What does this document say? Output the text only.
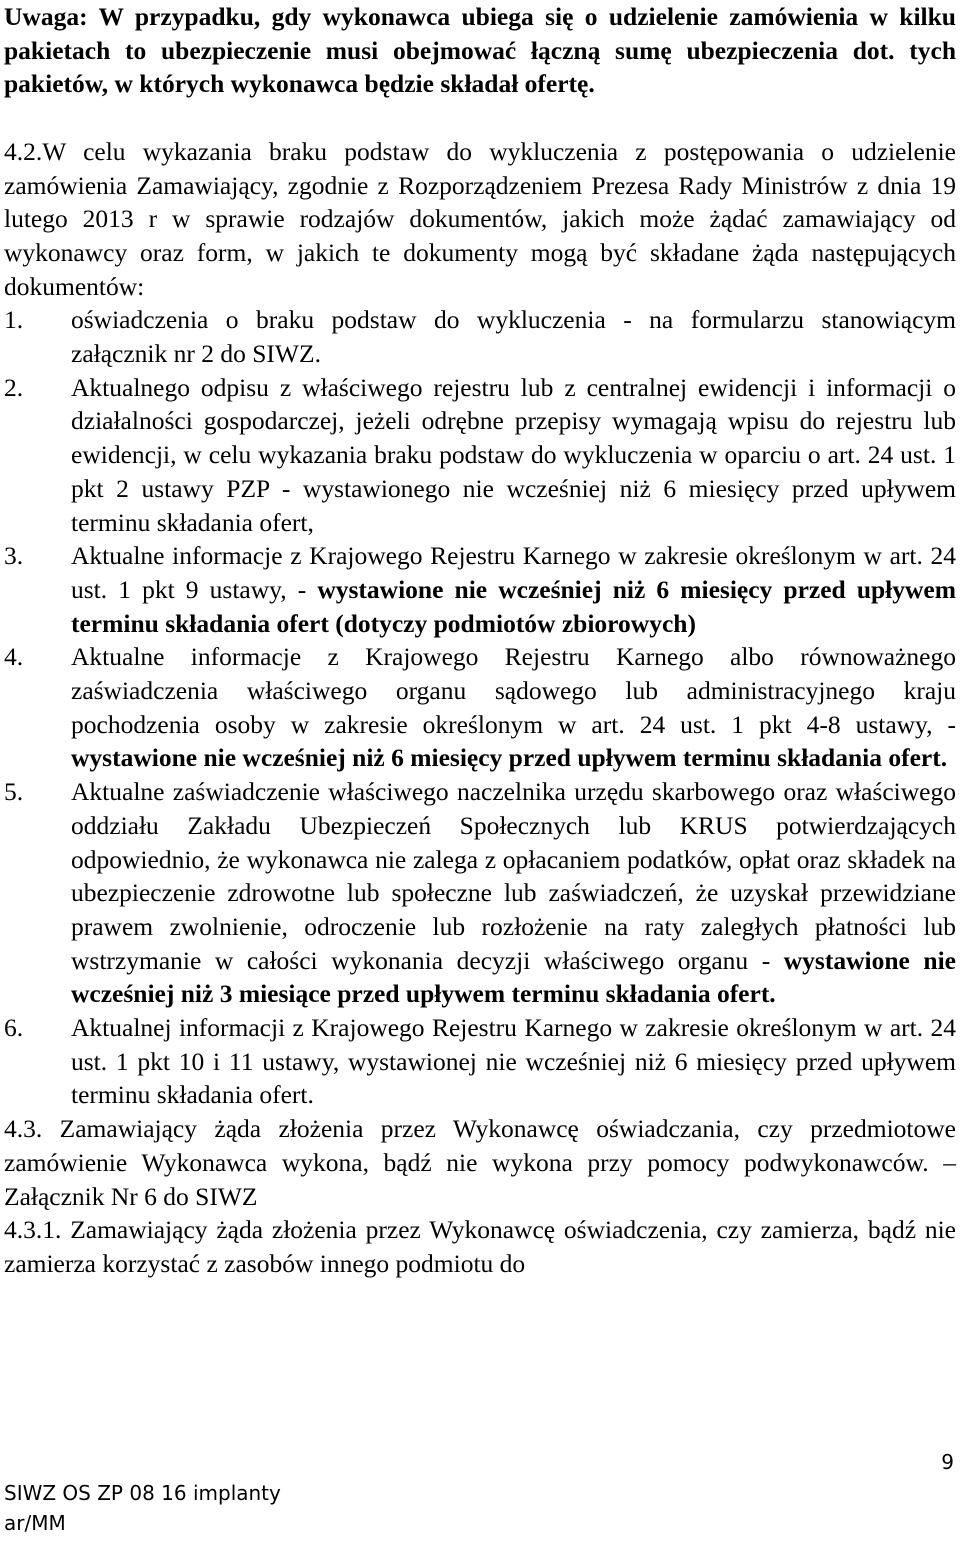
Uwaga: W przypadku, gdy wykonawca ubiega się o udzielenie zamówienia w kilku pakietach to ubezpieczenie musi obejmować łączną sumę ubezpieczenia dot. tych pakietów, w których wykonawca będzie składał ofertę.

4.2.W celu wykazania braku podstaw do wykluczenia z postępowania o udzielenie zamówienia Zamawiający, zgodnie z Rozporządzeniem Prezesa Rady Ministrów z dnia 19 lutego 2013 r w sprawie rodzajów dokumentów, jakich może żądać zamawiający od wykonawcy oraz form, w jakich te dokumenty mogą być składane żąda następujących dokumentów:

1. oświadczenia o braku podstaw do wykluczenia - na formularzu stanowiącym załącznik nr 2 do SIWZ.
2. Aktualnego odpisu z właściwego rejestru lub z centralnej ewidencji i informacji o działalności gospodarczej, jeżeli odrębne przepisy wymagają wpisu do rejestru lub ewidencji, w celu wykazania braku podstaw do wykluczenia w oparciu o art. 24 ust. 1 pkt 2 ustawy PZP - wystawionego nie wcześniej niż 6 miesięcy przed upływem terminu składania ofert,
3. Aktualne informacje z Krajowego Rejestru Karnego w zakresie określonym w art. 24 ust. 1 pkt 9 ustawy, - wystawione nie wcześniej niż 6 miesięcy przed upływem terminu składania ofert (dotyczy podmiotów zbiorowych)
4. Aktualne informacje z Krajowego Rejestru Karnego albo równoważnego zaświadczenia właściwego organu sądowego lub administracyjnego kraju pochodzenia osoby w zakresie określonym w art. 24 ust. 1 pkt 4-8 ustawy, - wystawione nie wcześniej niż 6 miesięcy przed upływem terminu składania ofert.
5. Aktualne zaświadczenie właściwego naczelnika urzędu skarbowego oraz właściwego oddziału Zakładu Ubezpieczeń Społecznych lub KRUS potwierdzających odpowiednio, że wykonawca nie zalega z opłacaniem podatków, opłat oraz składek na ubezpieczenie zdrowotne lub społeczne lub zaświadczeń, że uzyskał przewidziane prawem zwolnienie, odroczenie lub rozłożenie na raty zaległych płatności lub wstrzymanie w całości wykonania decyzji właściwego organu - wystawione nie wcześniej niż 3 miesiące przed upływem terminu składania ofert.
6. Aktualnej informacji z Krajowego Rejestru Karnego w zakresie określonym w art. 24 ust. 1 pkt 10 i 11 ustawy, wystawionej nie wcześniej niż 6 miesięcy przed upływem terminu składania ofert.

4.3. Zamawiający żąda złożenia przez Wykonawcę oświadczania, czy przedmiotowe zamówienie Wykonawca wykona, bądź nie wykona przy pomocy podwykonawców. – Załącznik Nr 6 do SIWZ

4.3.1. Zamawiający żąda złożenia przez Wykonawcę oświadczenia, czy zamierza, bądź nie zamierza korzystać z zasobów innego podmiotu do

9
SIWZ OS ZP 08 16 implanty
ar/MM
